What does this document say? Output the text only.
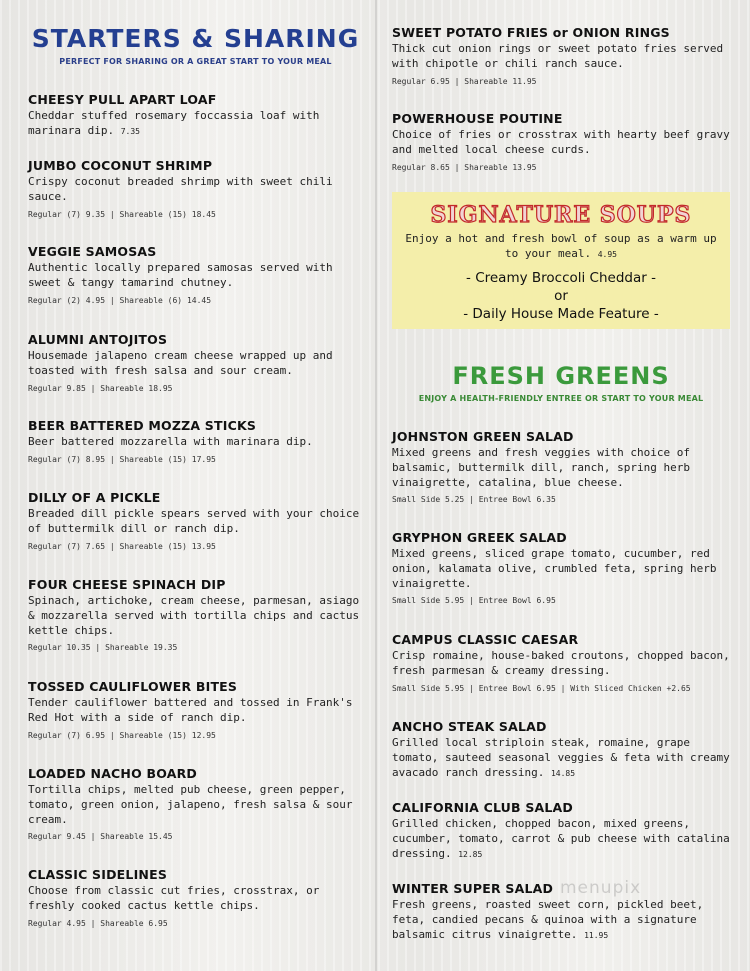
STARTERS & SHARING
PERFECT FOR SHARING OR A GREAT START TO YOUR MEAL
CHEESY PULL APART LOAF
Cheddar stuffed rosemary foccassia loaf with marinara dip. 7.35
JUMBO COCONUT SHRIMP
Crispy coconut breaded shrimp with sweet chili sauce.
Regular (7) 9.35 | Shareable (15) 18.45
VEGGIE SAMOSAS
Authentic locally prepared samosas served with sweet & tangy tamarind chutney.
Regular (2) 4.95 | Shareable (6) 14.45
ALUMNI ANTOJITOS
Housemade jalapeno cream cheese wrapped up and toasted with fresh salsa and sour cream.
Regular 9.85 | Shareable 18.95
BEER BATTERED MOZZA STICKS
Beer battered mozzarella with marinara dip.
Regular (7) 8.95 | Shareable (15) 17.95
DILLY OF A PICKLE
Breaded dill pickle spears served with your choice of buttermilk dill or ranch dip.
Regular (7) 7.65 | Shareable (15) 13.95
FOUR CHEESE SPINACH DIP
Spinach, artichoke, cream cheese, parmesan, asiago & mozzarella served with tortilla chips and cactus kettle chips.
Regular 10.35 | Shareable 19.35
TOSSED CAULIFLOWER BITES
Tender cauliflower battered and tossed in Frank's Red Hot with a side of ranch dip.
Regular (7) 6.95 | Shareable (15) 12.95
LOADED NACHO BOARD
Tortilla chips, melted pub cheese, green pepper, tomato, green onion, jalapeno, fresh salsa & sour cream.
Regular 9.45 | Shareable 15.45
CLASSIC SIDELINES
Choose from classic cut fries, crosstrax, or freshly cooked cactus kettle chips.
Regular 4.95 | Shareable 6.95
SWEET POTATO FRIES or ONION RINGS
Thick cut onion rings or sweet potato fries served with chipotle or chili ranch sauce.
Regular 6.95 | Shareable 11.95
POWERHOUSE POUTINE
Choice of fries or crosstrax with hearty beef gravy and melted local cheese curds.
Regular 8.65 | Shareable 13.95
FRESH GREENS
ENJOY A HEALTH-FRIENDLY ENTREE OR START TO YOUR MEAL
JOHNSTON GREEN SALAD
Mixed greens and fresh veggies with choice of balsamic, buttermilk dill, ranch, spring herb vinaigrette, catalina, blue cheese.
Small Side 5.25 | Entree Bowl 6.35
GRYPHON GREEK SALAD
Mixed greens, sliced grape tomato, cucumber, red onion, kalamata olive, crumbled feta, spring herb vinaigrette.
Small Side 5.95 | Entree Bowl 6.95
CAMPUS CLASSIC CAESAR
Crisp romaine, house-baked croutons, chopped bacon, fresh parmesan & creamy dressing.
Small Side 5.95 | Entree Bowl 6.95 | With Sliced Chicken +2.65
ANCHO STEAK SALAD
Grilled local striploin steak, romaine, grape tomato, sauteed seasonal veggies & feta with creamy avacado ranch dressing. 14.85
CALIFORNIA CLUB SALAD
Grilled chicken, chopped bacon, mixed greens, cucumber, tomato, carrot & pub cheese with catalina dressing. 12.85
WINTER SUPER SALAD
Fresh greens, roasted sweet corn, pickled beet, feta, candied pecans & quinoa with a signature balsamic citrus vinaigrette. 11.95
SIGNATURE SOUPS
Enjoy a hot and fresh bowl of soup as a warm up to your meal. 4.95
- Creamy Broccoli Cheddar -
or
- Daily House Made Feature -
menupix
